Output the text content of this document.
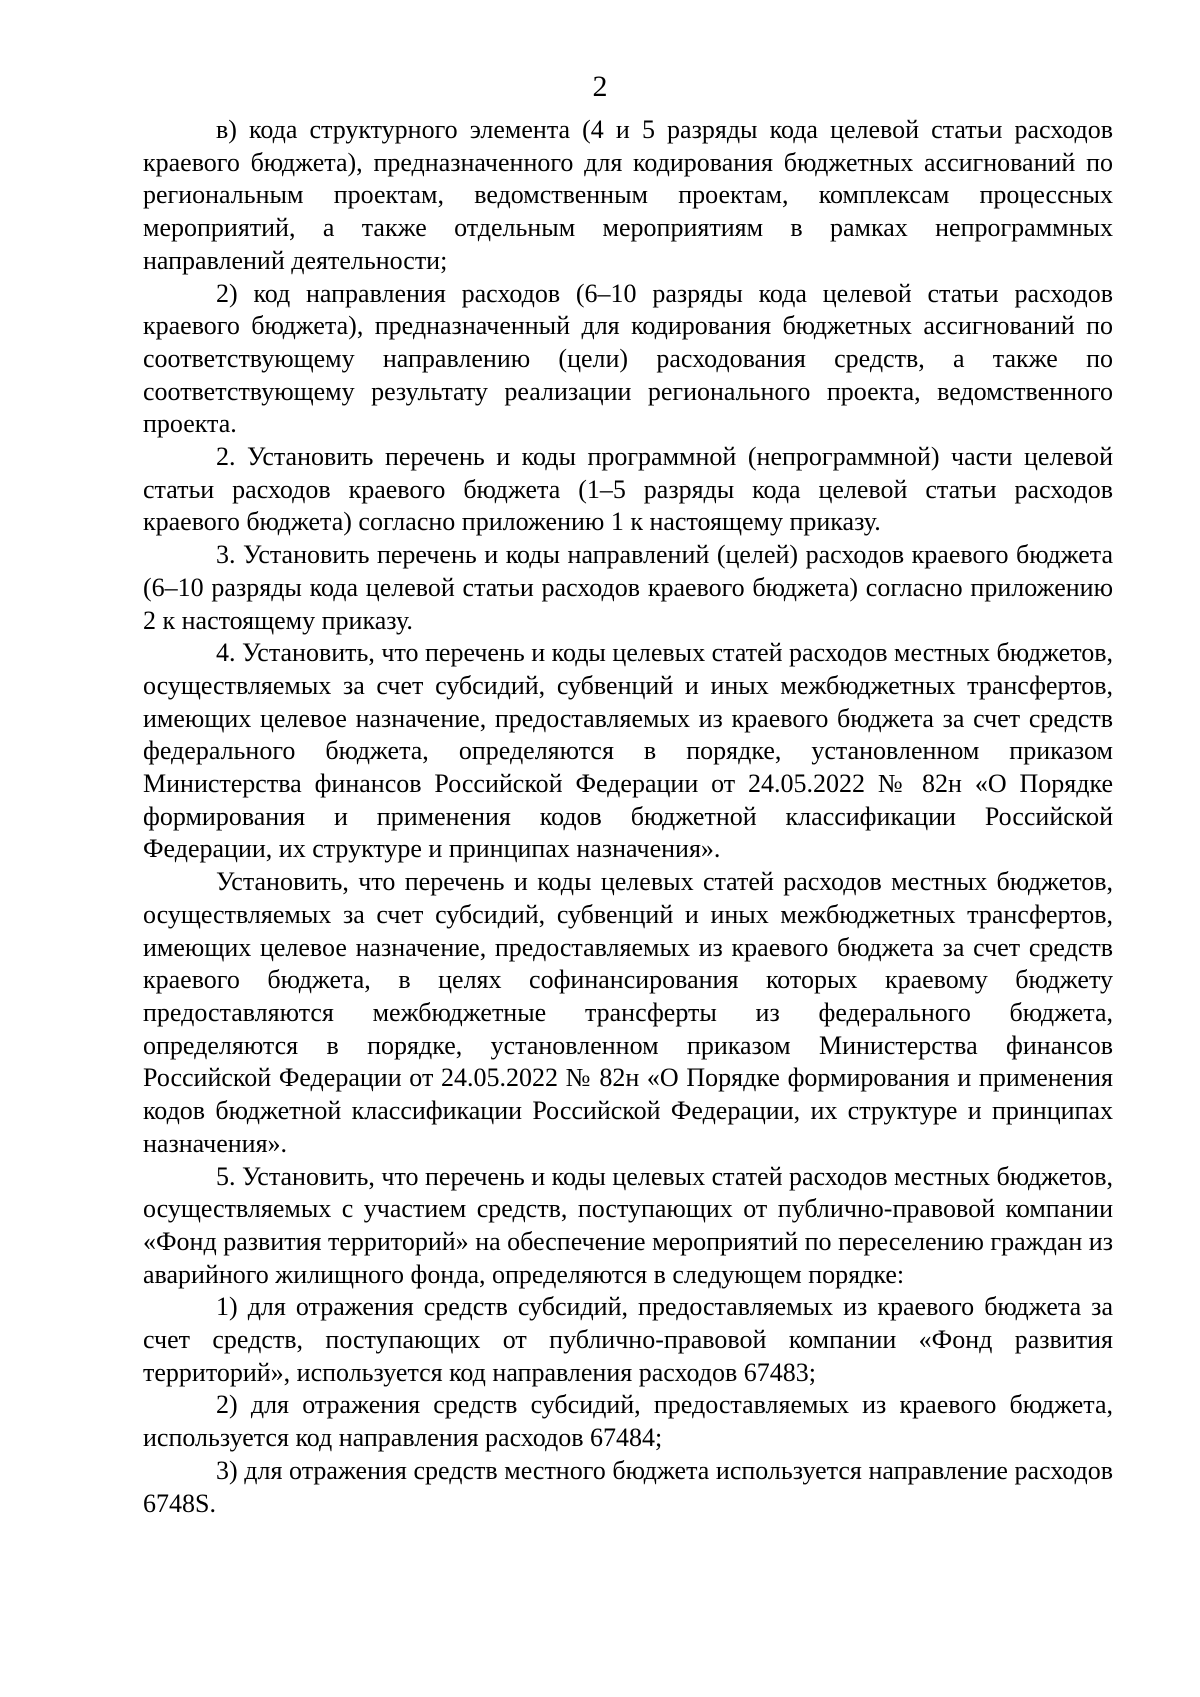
2

в) кода структурного элемента (4 и 5 разряды кода целевой статьи расходов краевого бюджета), предназначенного для кодирования бюджетных ассигнований по региональным проектам, ведомственным проектам, комплексам процессных мероприятий, а также отдельным мероприятиям в рамках непрограммных направлений деятельности;

2) код направления расходов (6–10 разряды кода целевой статьи расходов краевого бюджета), предназначенный для кодирования бюджетных ассигнований по соответствующему направлению (цели) расходования средств, а также по соответствующему результату реализации регионального проекта, ведомственного проекта.

2. Установить перечень и коды программной (непрограммной) части целевой статьи расходов краевого бюджета (1–5 разряды кода целевой статьи расходов краевого бюджета) согласно приложению 1 к настоящему приказу.

3. Установить перечень и коды направлений (целей) расходов краевого бюджета (6–10 разряды кода целевой статьи расходов краевого бюджета) согласно приложению 2 к настоящему приказу.

4. Установить, что перечень и коды целевых статей расходов местных бюджетов, осуществляемых за счет субсидий, субвенций и иных межбюджетных трансфертов, имеющих целевое назначение, предоставляемых из краевого бюджета за счет средств федерального бюджета, определяются в порядке, установленном приказом Министерства финансов Российской Федерации от 24.05.2022 № 82н «О Порядке формирования и применения кодов бюджетной классификации Российской Федерации, их структуре и принципах назначения».

Установить, что перечень и коды целевых статей расходов местных бюджетов, осуществляемых за счет субсидий, субвенций и иных межбюджетных трансфертов, имеющих целевое назначение, предоставляемых из краевого бюджета за счет средств краевого бюджета, в целях софинансирования которых краевому бюджету предоставляются межбюджетные трансферты из федерального бюджета, определяются в порядке, установленном приказом Министерства финансов Российской Федерации от 24.05.2022 № 82н «О Порядке формирования и применения кодов бюджетной классификации Российской Федерации, их структуре и принципах назначения».

5. Установить, что перечень и коды целевых статей расходов местных бюджетов, осуществляемых с участием средств, поступающих от публично-правовой компании «Фонд развития территорий» на обеспечение мероприятий по переселению граждан из аварийного жилищного фонда, определяются в следующем порядке:

1) для отражения средств субсидий, предоставляемых из краевого бюджета за счет средств, поступающих от публично-правовой компании «Фонд развития территорий», используется код направления расходов 67483;

2) для отражения средств субсидий, предоставляемых из краевого бюджета, используется код направления расходов 67484;

3) для отражения средств местного бюджета используется направление расходов 6748S.
